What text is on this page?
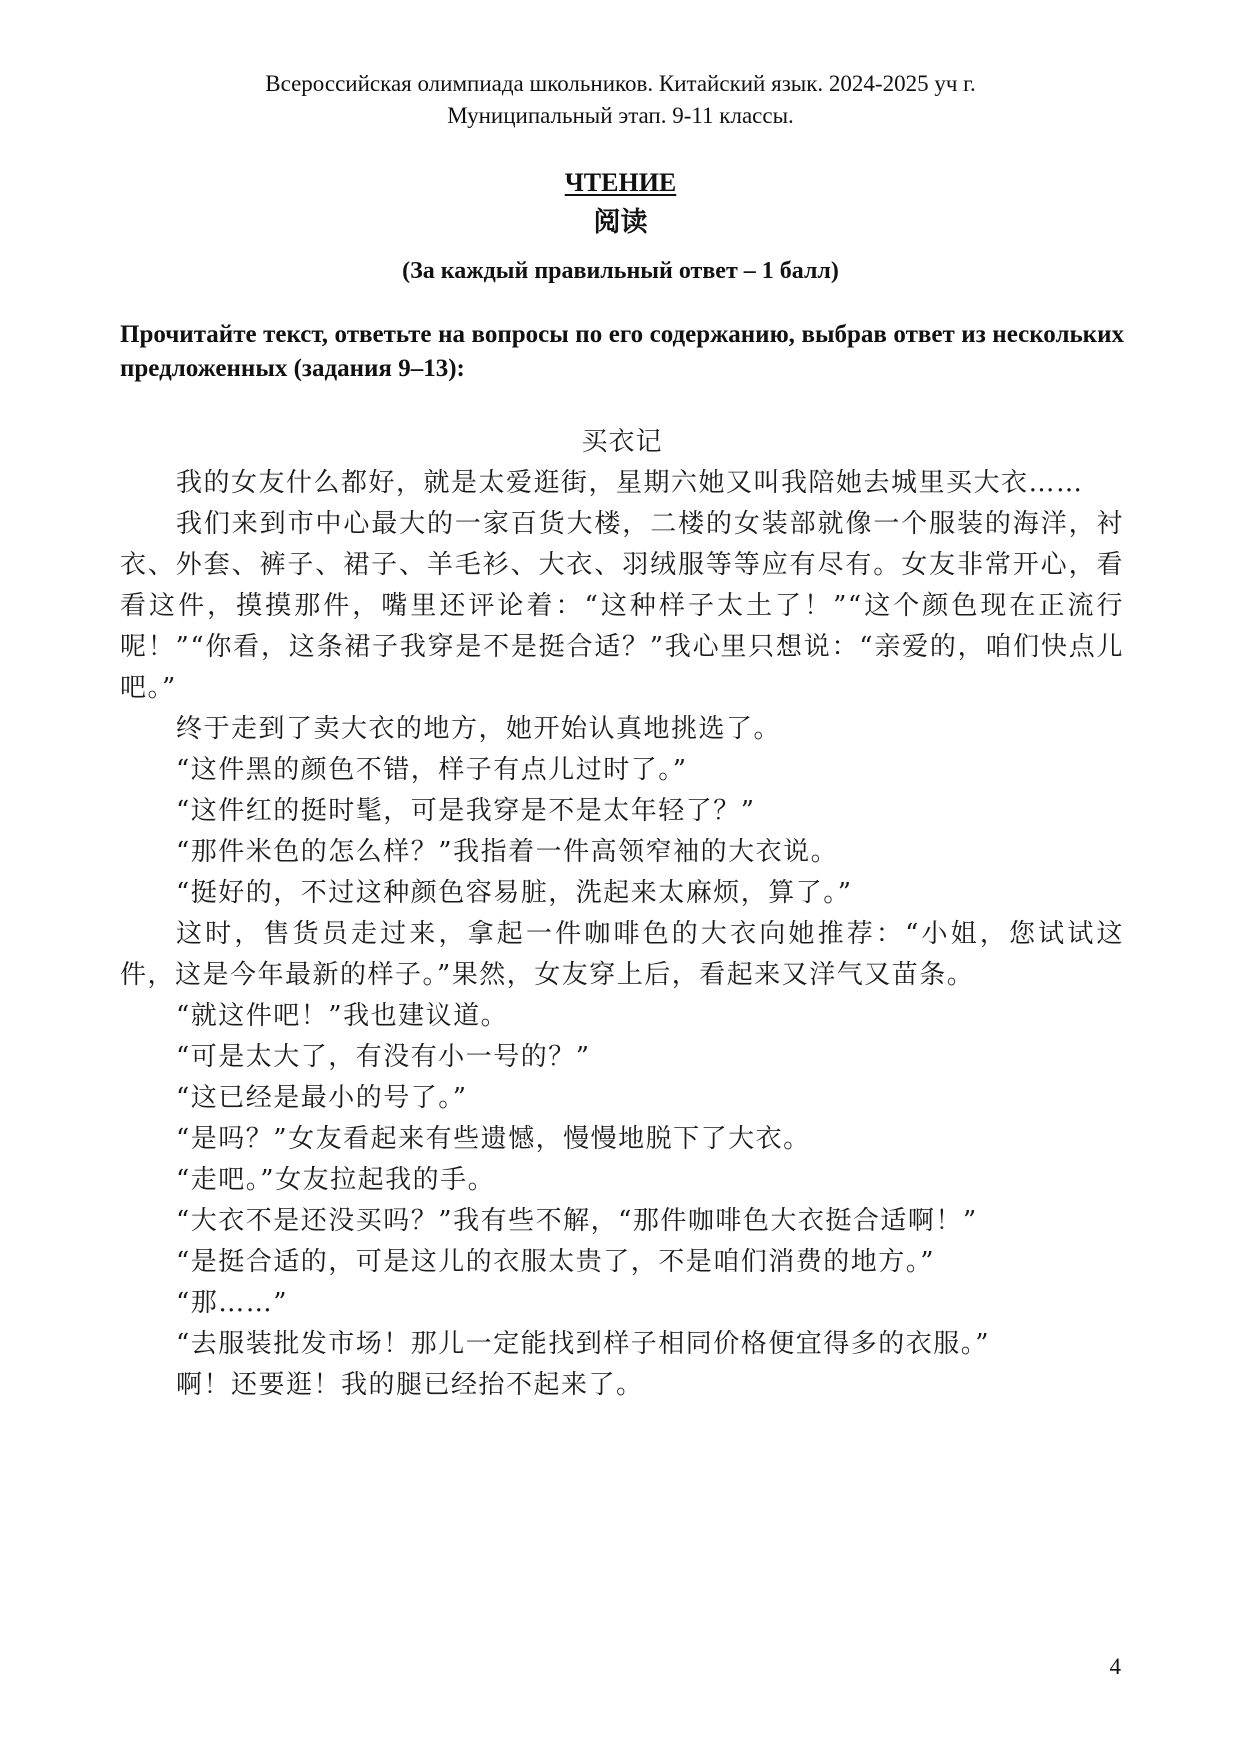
Всероссийская олимпиада школьников. Китайский язык. 2024-2025 уч г.
Муниципальный этап. 9-11 классы.
ЧТЕНИЕ
阅读
(За каждый правильный ответ – 1 балл)
Прочитайте текст, ответьте на вопросы по его содержанию, выбрав ответ из нескольких предложенных (задания 9–13):
买衣记

我的女友什么都好，就是太爱逛街，星期六她又叫我陪她去城里买大衣……

我们来到市中心最大的一家百货大楼，二楼的女装部就像一个服装的海洋，衬衣、外套、裤子、裙子、羊毛衫、大衣、羽绒服等等应有尽有。女友非常开心，看看这件，摸摸那件，嘴里还评论着：“这种样子太土了！”“这个颜色现在正流行呢！”“你看，这条裙子我穿是不是挺合适？”我心里只想说：“亲爱的，咱们快点儿吧。”

终于走到了卖大衣的地方，她开始认真地挑选了。

“这件黑的颜色不错，样子有点儿过时了。”

“这件红的挺时髦，可是我穿是不是太年轻了？”

“那件米色的怎么样？”我指着一件高领窄袖的大衣说。

“挺好的，不过这种颜色容易脏，洗起来太麻烦，算了。”

这时，售货员走过来，拿起一件咖啡色的大衣向她推荐：“小姐，您试试这件，这是今年最新的样子。”果然，女友穿上后，看起来又洋气又苗条。

“就这件吧！”我也建议道。

“可是太大了，有没有小一号的？”

“这已经是最小的号了。”

“是吗？”女友看起来有些遗憾，慢慢地脱下了大衣。

“走吧。”女友拉起我的手。

“大衣不是还没买吗？”我有些不解，“那件咖啡色大衣挺合适啊！”

“是挺合适的，可是这儿的衣服太贵了，不是咱们消费的地方。”

“那……”

“去服装批发市场！那儿一定能找到样子相同价格便宜得多的衣服。”

啊！还要逛！我的腿已经抬不起来了。

4
